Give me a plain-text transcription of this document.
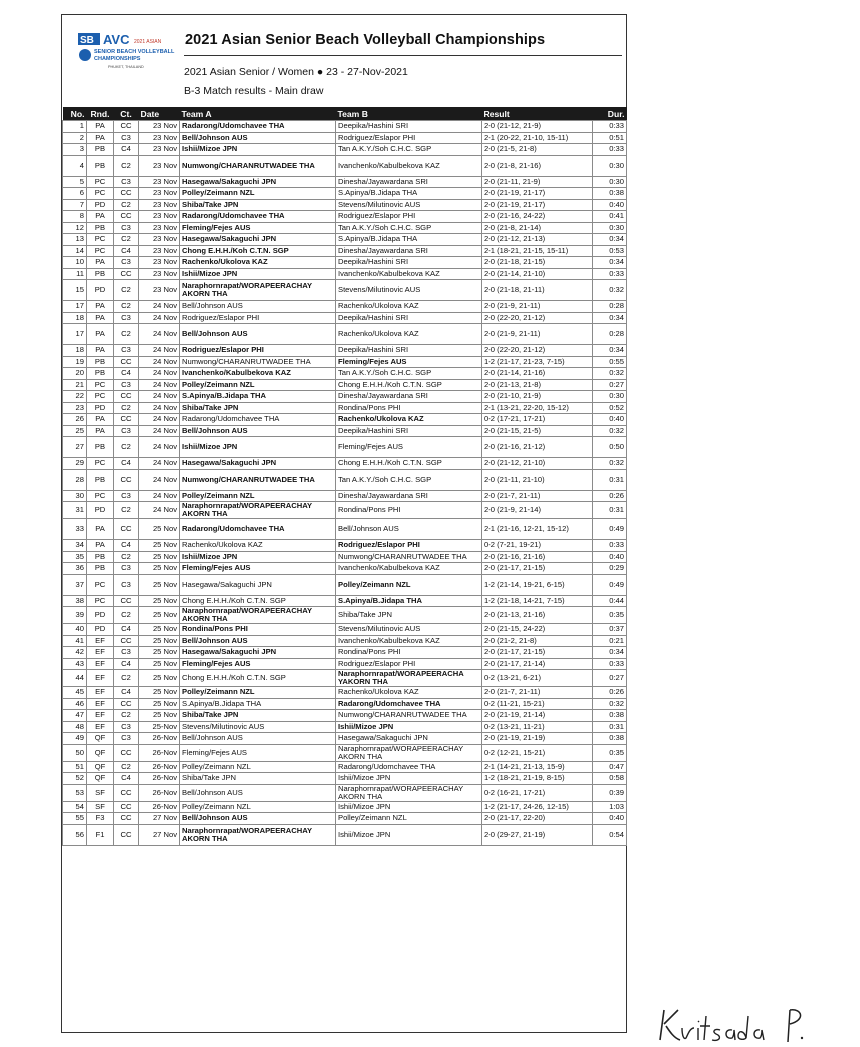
SB AVC 2021 ASIAN
SENIOR BEACH VOLLEYBALL
CHAMPIONSHIPS
PHUKET, THAILAND
2021 Asian Senior Beach Volleyball Championships
2021 Asian Senior / Women ● 23 - 27-Nov-2021
B-3 Match results - Main draw
No.	Rnd.	Ct.	Date	Team A	Team B	Result	Dur.
1	PA	CC	23 Nov	Radarong/Udomchavee THA	Deepika/Hashini SRI	2-0 (21-12, 21-9)	0:33
2	PA	C3	23 Nov	Bell/Johnson AUS	Rodriguez/Eslapor PHI	2-1 (20-22, 21-10, 15-11)	0:51
3	PB	C4	23 Nov	Ishii/Mizoe JPN	Tan A.K.Y./Soh C.H.C. SGP	2-0 (21-5, 21-8)	0:33
4	PB	C2	23 Nov	Numwong/CHARANRUTWADEE THA	Ivanchenko/Kabulbekova KAZ	2-0 (21-8, 21-16)	0:30
5	PC	C3	23 Nov	Hasegawa/Sakaguchi JPN	Dinesha/Jayawardana SRI	2-0 (21-11, 21-9)	0:30
6	PC	CC	23 Nov	Polley/Zeimann NZL	S.Apinya/B.Jidapa THA	2-0 (21-19, 21-17)	0:38
7	PD	C2	23 Nov	Shiba/Take JPN	Stevens/Milutinovic AUS	2-0 (21-19, 21-17)	0:40
8	PA	CC	23 Nov	Radarong/Udomchavee THA	Rodriguez/Eslapor PHI	2-0 (21-16, 24-22)	0:41
12	PB	C3	23 Nov	Fleming/Fejes AUS	Tan A.K.Y./Soh C.H.C. SGP	2-0 (21-8, 21-14)	0:30
13	PC	C2	23 Nov	Hasegawa/Sakaguchi JPN	S.Apinya/B.Jidapa THA	2-0 (21-12, 21-13)	0:34
14	PC	C4	23 Nov	Chong E.H.H./Koh C.T.N. SGP	Dinesha/Jayawardana SRI	2-1 (18-21, 21-15, 15-11)	0:53
10	PA	C3	23 Nov	Rachenko/Ukolova KAZ	Deepika/Hashini SRI	2-0 (21-18, 21-15)	0:34
11	PB	CC	23 Nov	Ishii/Mizoe JPN	Ivanchenko/Kabulbekova KAZ	2-0 (21-14, 21-10)	0:33
15	PD	C2	23 Nov	Naraphornrapat/WORAPEERACHAY AKORN THA	Stevens/Milutinovic AUS	2-0 (21-18, 21-11)	0:32
17	PA	C2	24 Nov	Bell/Johnson AUS	Rachenko/Ukolova KAZ	2-0 (21-9, 21-11)	0:28
18	PA	C3	24 Nov	Rodriguez/Eslapor PHI	Deepika/Hashini SRI	2-0 (22-20, 21-12)	0:34
17	PA	C2	24 Nov	Bell/Johnson AUS	Rachenko/Ukolova KAZ	2-0 (21-9, 21-11)	0:28
18	PA	C3	24 Nov	Rodriguez/Eslapor PHI	Deepika/Hashini SRI	2-0 (22-20, 21-12)	0:34
19	PB	CC	24 Nov	Numwong/CHARANRUTWADEE THA	Fleming/Fejes AUS	1-2 (21-17, 21-23, 7-15)	0:55
20	PB	C4	24 Nov	Ivanchenko/Kabulbekova KAZ	Tan A.K.Y./Soh C.H.C. SGP	2-0 (21-14, 21-16)	0:32
21	PC	C3	24 Nov	Polley/Zeimann NZL	Chong E.H.H./Koh C.T.N. SGP	2-0 (21-13, 21-8)	0:27
22	PC	CC	24 Nov	S.Apinya/B.Jidapa THA	Dinesha/Jayawardana SRI	2-0 (21-10, 21-9)	0:30
23	PD	C2	24 Nov	Shiba/Take JPN	Rondina/Pons PHI	2-1 (13-21, 22-20, 15-12)	0:52
26	PA	CC	24 Nov	Radarong/Udomchavee THA	Rachenko/Ukolova KAZ	0-2 (17-21, 17-21)	0:40
25	PA	C3	24 Nov	Bell/Johnson AUS	Deepika/Hashini SRI	2-0 (21-15, 21-5)	0:32
27	PB	C2	24 Nov	Ishii/Mizoe JPN	Fleming/Fejes AUS	2-0 (21-16, 21-12)	0:50
29	PC	C4	24 Nov	Hasegawa/Sakaguchi JPN	Chong E.H.H./Koh C.T.N. SGP	2-0 (21-12, 21-10)	0:32
28	PB	CC	24 Nov	Numwong/CHARANRUTWADEE THA	Tan A.K.Y./Soh C.H.C. SGP	2-0 (21-11, 21-10)	0:31
30	PC	C3	24 Nov	Polley/Zeimann NZL	Dinesha/Jayawardana SRI	2-0 (21-7, 21-11)	0:26
31	PD	C2	24 Nov	Naraphornrapat/WORAPEERACHAY AKORN THA	Rondina/Pons PHI	2-0 (21-9, 21-14)	0:31
33	PA	CC	25 Nov	Radarong/Udomchavee THA	Bell/Johnson AUS	2-1 (21-16, 12-21, 15-12)	0:49
34	PA	C4	25 Nov	Rachenko/Ukolova KAZ	Rodriguez/Eslapor PHI	0-2 (7-21, 19-21)	0:33
35	PB	C2	25 Nov	Ishii/Mizoe JPN	Numwong/CHARANRUTWADEE THA	2-0 (21-16, 21-16)	0:40
36	PB	C3	25 Nov	Fleming/Fejes AUS	Ivanchenko/Kabulbekova KAZ	2-0 (21-17, 21-15)	0:29
37	PC	C3	25 Nov	Hasegawa/Sakaguchi JPN	Polley/Zeimann NZL	1-2 (21-14, 19-21, 6-15)	0:49
38	PC	CC	25 Nov	Chong E.H.H./Koh C.T.N. SGP	S.Apinya/B.Jidapa THA	1-2 (21-18, 14-21, 7-15)	0:44
39	PD	C2	25 Nov	Naraphornrapat/WORAPEERACHAY AKORN THA	Shiba/Take JPN	2-0 (21-13, 21-16)	0:35
40	PD	C4	25 Nov	Rondina/Pons PHI	Stevens/Milutinovic AUS	2-0 (21-15, 24-22)	0:37
41	EF	CC	25 Nov	Bell/Johnson AUS	Ivanchenko/Kabulbekova KAZ	2-0 (21-2, 21-8)	0:21
42	EF	C3	25 Nov	Hasegawa/Sakaguchi JPN	Rondina/Pons PHI	2-0 (21-17, 21-15)	0:34
43	EF	C4	25 Nov	Fleming/Fejes AUS	Rodriguez/Eslapor PHI	2-0 (21-17, 21-14)	0:33
44	EF	C2	25 Nov	Chong E.H.H./Koh C.T.N. SGP	Naraphornrapat/WORAPEERACHA YAKORN THA	0-2 (13-21, 6-21)	0:27
45	EF	C4	25 Nov	Polley/Zeimann NZL	Rachenko/Ukolova KAZ	2-0 (21-7, 21-11)	0:26
46	EF	CC	25 Nov	S.Apinya/B.Jidapa THA	Radarong/Udomchavee THA	0-2 (11-21, 15-21)	0:32
47	EF	C2	25 Nov	Shiba/Take JPN	Numwong/CHARANRUTWADEE THA	2-0 (21-19, 21-14)	0:38
48	EF	C3	25-Nov	Stevens/Milutinovic AUS	Ishii/Mizoe JPN	0-2 (13-21, 11-21)	0:31
49	QF	C3	26-Nov	Bell/Johnson AUS	Hasegawa/Sakaguchi JPN	2-0 (21-19, 21-19)	0:38
50	QF	CC	26-Nov	Fleming/Fejes AUS	Naraphornrapat/WORAPEERACHAY AKORN THA	0-2 (12-21, 15-21)	0:35
51	QF	C2	26-Nov	Polley/Zeimann NZL	Radarong/Udomchavee THA	2-1 (14-21, 21-13, 15-9)	0:47
52	QF	C4	26-Nov	Shiba/Take JPN	Ishii/Mizoe JPN	1-2 (18-21, 21-19, 8-15)	0:58
53	SF	CC	26-Nov	Bell/Johnson AUS	Naraphornrapat/WORAPEERACHAY AKORN THA	0-2 (16-21, 17-21)	0:39
54	SF	CC	26-Nov	Polley/Zeimann NZL	Ishii/Mizoe JPN	1-2 (21-17, 24-26, 12-15)	1:03
55	F3	CC	27 Nov	Bell/Johnson AUS	Polley/Zeimann NZL	2-0 (21-17, 22-20)	0:40
56	F1	CC	27 Nov	Naraphornrapat/WORAPEERACHAY AKORN THA	Ishii/Mizoe JPN	2-0 (29-27, 21-19)	0:54
